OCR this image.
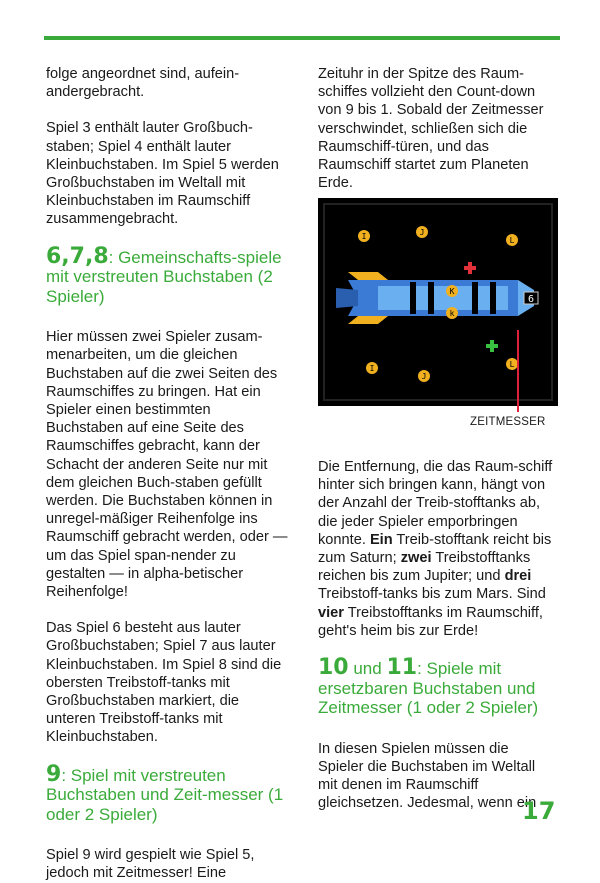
folge angeordnet sind, aufein-andergebracht.

Spiel 3 enthält lauter Großbuch-staben; Spiel 4 enthält lauter Kleinbuchstaben. Im Spiel 5 werden Großbuchstaben im Weltall mit Kleinbuchstaben im Raumschiff zusammengebracht.

6,7,8: Gemeinschafts-spiele mit verstreuten Buchstaben (2 Spieler)

Hier müssen zwei Spieler zusam-menarbeiten, um die gleichen Buchstaben auf die zwei Seiten des Raumschiffes zu bringen. Hat ein Spieler einen bestimmten Buchstaben auf eine Seite des Raumschiffes gebracht, kann der Schacht der anderen Seite nur mit dem gleichen Buch-staben gefüllt werden. Die Buchstaben können in unregel-mäßiger Reihenfolge ins Raumschiff gebracht werden, oder — um das Spiel span-nender zu gestalten — in alpha-betischer Reihenfolge!

Das Spiel 6 besteht aus lauter Großbuchstaben; Spiel 7 aus lauter Kleinbuchstaben. Im Spiel 8 sind die obersten Treibstoff-tanks mit Großbuchstaben markiert, die unteren Treibstoff-tanks mit Kleinbuchstaben.

9: Spiel mit verstreuten Buchstaben und Zeit-messer (1 oder 2 Spieler)

Spiel 9 wird gespielt wie Spiel 5, jedoch mit Zeitmesser! Eine

Zeituhr in der Spitze des Raum-schiffes vollzieht den Count-down von 9 bis 1. Sobald der Zeitmesser verschwindet, schließen sich die Raumschiff-türen, und das Raumschiff startet zum Planeten Erde.

6
K
k
I	J
L
I
J
L
ZEITMESSER

Die Entfernung, die das Raum-schiff hinter sich bringen kann, hängt von der Anzahl der Treib-stofftanks ab, die jeder Spieler emporbringen konnte. Ein Treib-stofftank reicht bis zum Saturn; zwei Treibstofftanks reichen bis zum Jupiter; und drei Treibstoff-tanks bis zum Mars. Sind vier Treibstofftanks im Raumschiff, geht's heim bis zur Erde!

10 und 11: Spiele mit ersetzbaren Buchstaben und Zeitmesser (1 oder 2 Spieler)

In diesen Spielen müssen die Spieler die Buchstaben im Weltall mit denen im Raumschiff gleichsetzen. Jedesmal, wenn ein

17
